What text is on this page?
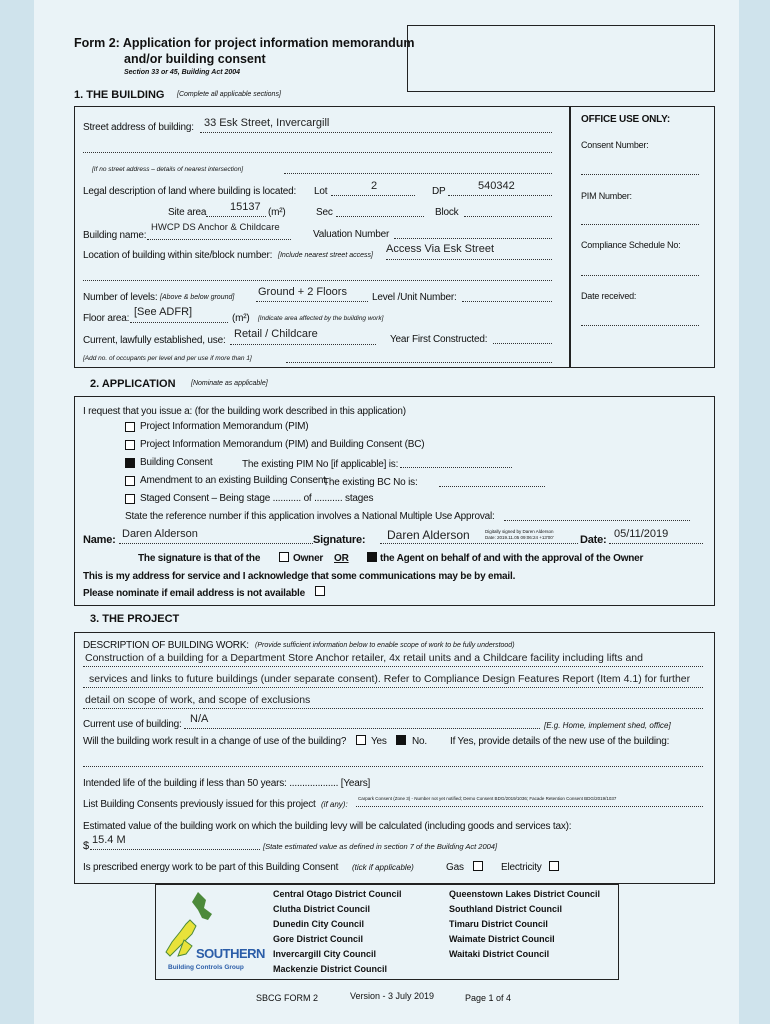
Form 2: Application for project information memorandum
and/or building consent
Section 33 or 45, Building Act 2004
1. THE BUILDING [Complete all applicable sections]
Street address of building: 33 Esk Street, Invercargill
[If no street address – details of nearest intersection]
Legal description of land where building is located: Lot	2	DP	540342
Site area 15137 (m²)	Sec	Block
Building name:
HWCP DS Anchor & Childcare
Valuation Number
Location of building within site/block number: [Include nearest street access]
Access Via Esk Street
Number of levels: [Above & below ground] Ground + 2 Floors	Level /Unit Number:
Floor area:
[See ADFR]
(m²) [Indicate area affected by the building work]
Current, lawfully established, use:
Retail / Childcare	Year First Constructed:
[Add no. of occupants per level and per use if more than 1]
OFFICE USE ONLY:
Consent Number:
PIM Number:
Compliance Schedule No:
Date received:
2. APPLICATION [Nominate as applicable]
I request that you issue a: (for the building work described in this application)
Project Information Memorandum (PIM)
Project Information Memorandum (PIM) and Building Consent (BC)
Building Consent
Amendment to an existing Building Consent.
Staged Consent – Being stage ........... of ........... stages
The existing PIM No [if applicable] is:
The existing BC No is:
State the reference number if this application involves a National Multiple Use Approval:
Name: Daren Alderson	Signature: Daren Alderson	Digitally signed by Daren Alderson
Date: 2019.11.05 09:06:24 +13'00' Date: 05/11/2019
The signature is that of the	Owner OR	the Agent on behalf of and with the approval of the Owner
This is my address for service and I acknowledge that some communications may be by email.
Please nominate if email address is not available
3. THE PROJECT
DESCRIPTION OF BUILDING WORK: (Provide sufficient information below to enable scope of work to be fully understood)
Construction of a building for a Department Store Anchor retailer, 4x retail units and a Childcare facility including lifts and
services and links to future buildings (under separate consent). Refer to Compliance Design Features Report (Item 4.1) for further
detail on scope of work, and scope of exclusions
Current use of building: N/A
[E.g. Home, implement shed, office]
Will the building work result in a change of use of the building? Yes	No. If Yes, provide details of the new use of the building:
Intended life of the building if less than 50 years: ................... [Years]
List Building Consents previously issued for this project (if any):
Carpark Consent (Zone 3) - Number not yet notified; Demo Consent BDG/2019/1036; Facade Retention Consent BDG/2019/1037
Estimated value of the building work on which the building levy will be calculated (including goods and services tax):
$ 15.4 M
[State estimated value as defined in section 7 of the Building Act 2004]
Is prescribed energy work to be part of this Building Consent (tick if applicable)	Gas	Electricity
SOUTHERN
Building Controls Group
Central Otago District Council
Clutha District Council
Dunedin City Council
Gore District Council
Invercargill City Council
Mackenzie District Council
Queenstown Lakes District Council
Southland District Council
Timaru District Council
Waimate District Council
Waitaki District Council
SBCG FORM 2	Version - 3 July 2019	Page 1 of 4
